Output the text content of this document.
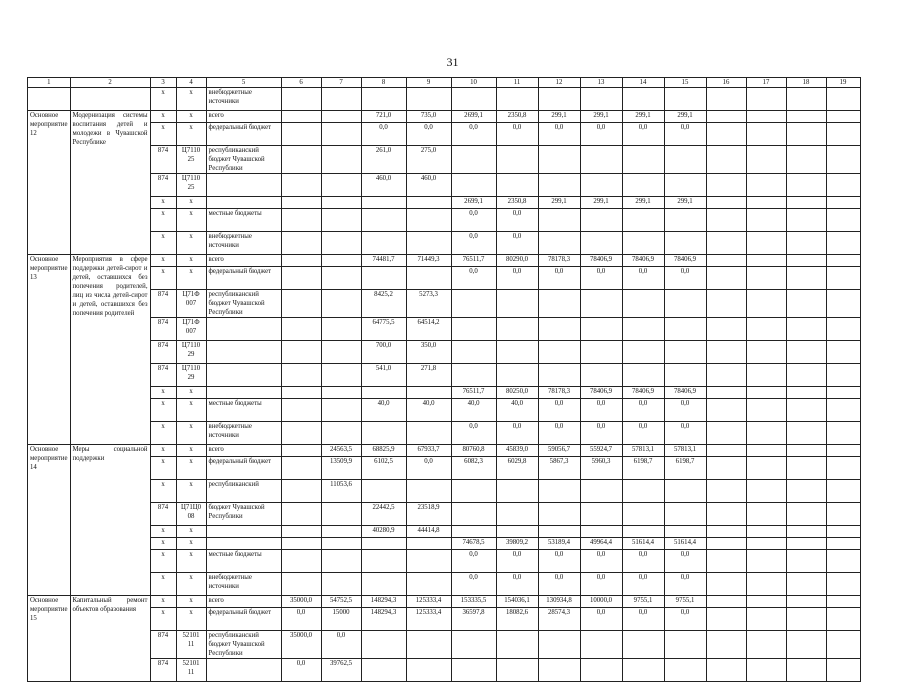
31
1	2	3	4	5	6	7	8	9	10	11	12	13	14	15	16	17	18	19
		х	х	внебюджетные источники														
Основное мероприятие 12	Модернизация системы воспитания детей и молодежи в Чувашской Республике	х	х	всего			721,0	735,0	2699,1	2350,8	299,1	299,1	299,1	299,1				
		х	х	федеральный бюджет			0,0	0,0	0,0	0,0	0,0	0,0	0,0	0,0				
		874	Ц7110 25	республиканский бюджет Чувашской Республики			261,0	275,0										
		874	Ц7110 25				460,0	460,0										
		х	х						2699,1	2350,8	299,1	299,1	299,1	299,1				
		х	х	местные бюджеты					0,0	0,0								
		х	х	внебюджетные источники					0,0	0,0								
Основное мероприятие 13	Мероприятия в сфере поддержки детей-сирот и детей, оставшихся без попечения родителей, лиц из числа детей-сирот и детей, оставшихся без попечения родителей	х	х	всего			74481,7	71449,3	76511,7	80290,0	78178,3	78406,9	78406,9	78406,9				
		х	х	федеральный бюджет					0,0	0,0	0,0	0,0	0,0	0,0				
		874	Ц71Ф 007	республиканский бюджет Чувашской Республики			8425,2	5273,3										
		874	Ц71Ф 007				64775,5	64514,2										
		874	Ц7110 29				700,0	350,0										
		874	Ц7110 29				541,0	271,8										
		х	х						76511,7	80250,0	78178,3	78406,9	78406,9	78406,9				
		х	х	местные бюджеты			40,0	40,0	40,0	40,0	0,0	0,0	0,0	0,0				
		х	х	внебюджетные источники					0,0	0,0	0,0	0,0	0,0	0,0				
Основное мероприятие 14	Меры социальной поддержки	х	х	всего		24563,5	68825,9	67933,7	80760,8	45839,0	59056,7	55924,7	57813,1	57813,1				
		х	х	федеральный бюджет		13509,9	6102,5	0,0	6082,3	6029,8	5867,3	5960,3	6198,7	6198,7				
		х	х	республиканский		11053,6												
		874	Ц71Ц0 08	бюджет Чувашской Республики			22442,5	23518,9										
		х	х				40280,9	44414,8										
		х	х						74678,5	39809,2	53189,4	49964,4	51614,4	51614,4				
		х	х	местные бюджеты					0,0	0,0	0,0	0,0	0,0	0,0				
		х	х	внебюджетные источники					0,0	0,0	0,0	0,0	0,0	0,0				
Основное мероприятие 15	Капитальный ремонт объектов образования	х	х	всего	35000,0	54752,5	148294,3	125333,4	153335,5	154036,1	130934,8	10000,0	9755,1	9755,1				
		х	х	федеральный бюджет	0,0	15000	148294,3	125333,4	36597,8	18082,6	28574,3	0,0	0,0	0,0				
		874	52101 11	республиканский бюджет Чувашской Республики	35000,0	0,0												
		874	52101 11		0,0	39762,5												
